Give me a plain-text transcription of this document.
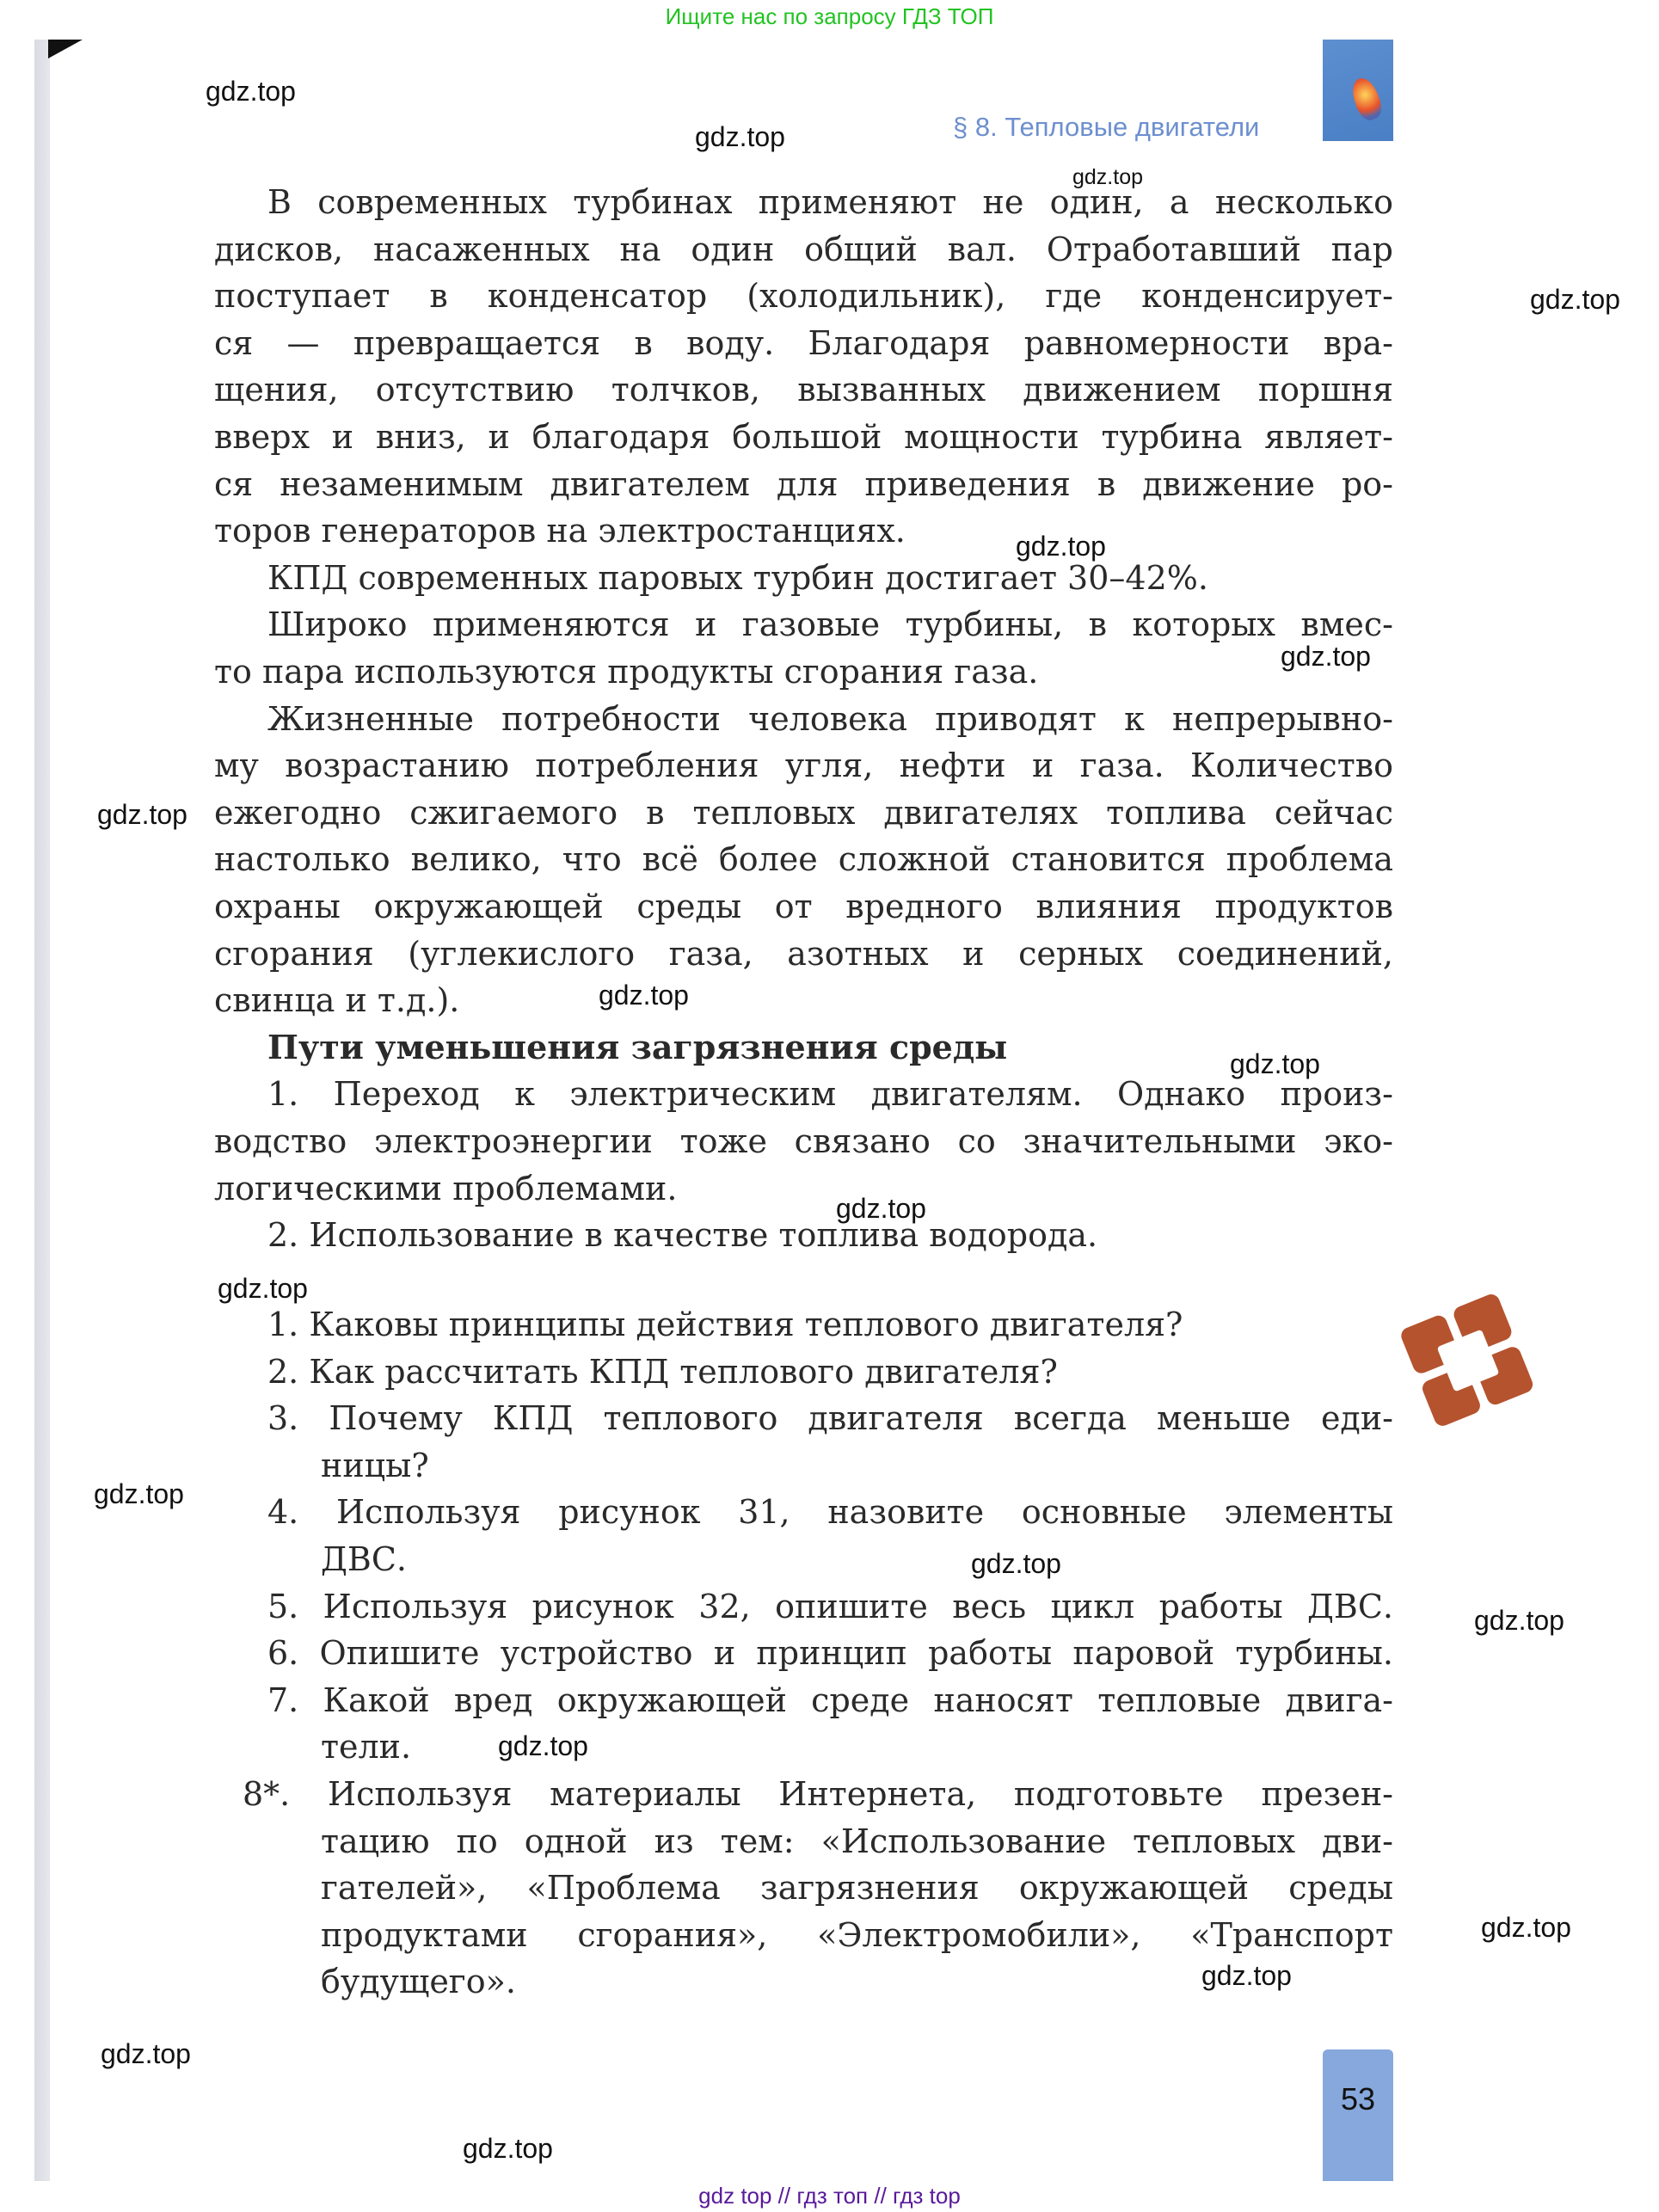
Ищите нас по запросу ГДЗ ТОП
§ 8. Тепловые двигатели
В современных турбинах применяют не один, а несколько
дисков, насаженных на один общий вал. Отработавший пар
поступает в конденсатор (холодильник), где конденсирует-
ся — превращается в воду. Благодаря равномерности вра-
щения, отсутствию толчков, вызванных движением поршня
вверх и вниз, и благодаря большой мощности турбина являет-
ся незаменимым двигателем для приведения в движение ро-
торов генераторов на электростанциях.
КПД современных паровых турбин достигает 30–42%.
Широко применяются и газовые турбины, в которых вмес-
то пара используются продукты сгорания газа.
Жизненные потребности человека приводят к непрерывно-
му возрастанию потребления угля, нефти и газа. Количество
ежегодно сжигаемого в тепловых двигателях топлива сейчас
настолько велико, что всё более сложной становится проблема
охраны окружающей среды от вредного влияния продуктов
сгорания (углекислого газа, азотных и серных соединений,
свинца и т.д.).
Пути уменьшения загрязнения среды
1. Переход к электрическим двигателям. Однако произ-
водство электроэнергии тоже связано со значительными эко-
логическими проблемами.
2. Использование в качестве топлива водорода.
1. Каковы принципы действия теплового двигателя?
2. Как рассчитать КПД теплового двигателя?
3. Почему КПД теплового двигателя всегда меньше еди-
ницы?
4. Используя рисунок 31, назовите основные элементы
ДВС.
5. Используя рисунок 32, опишите весь цикл работы ДВС.
6. Опишите устройство и принцип работы паровой турбины.
7. Какой вред окружающей среде наносят тепловые двига-
тели.
8*. Используя материалы Интернета, подготовьте презен-
тацию по одной из тем: «Использование тепловых дви-
гателей», «Проблема загрязнения окружающей среды
продуктами сгорания», «Электромобили», «Транспорт
будущего».
53
gdz top // гдз топ // гдз top
gdz.top
gdz.top
gdz.top
gdz.top
gdz.top
gdz.top
gdz.top
gdz.top
gdz.top
gdz.top
gdz.top
gdz.top
gdz.top
gdz.top
gdz.top
gdz.top
gdz.top
gdz.top
gdz.top
